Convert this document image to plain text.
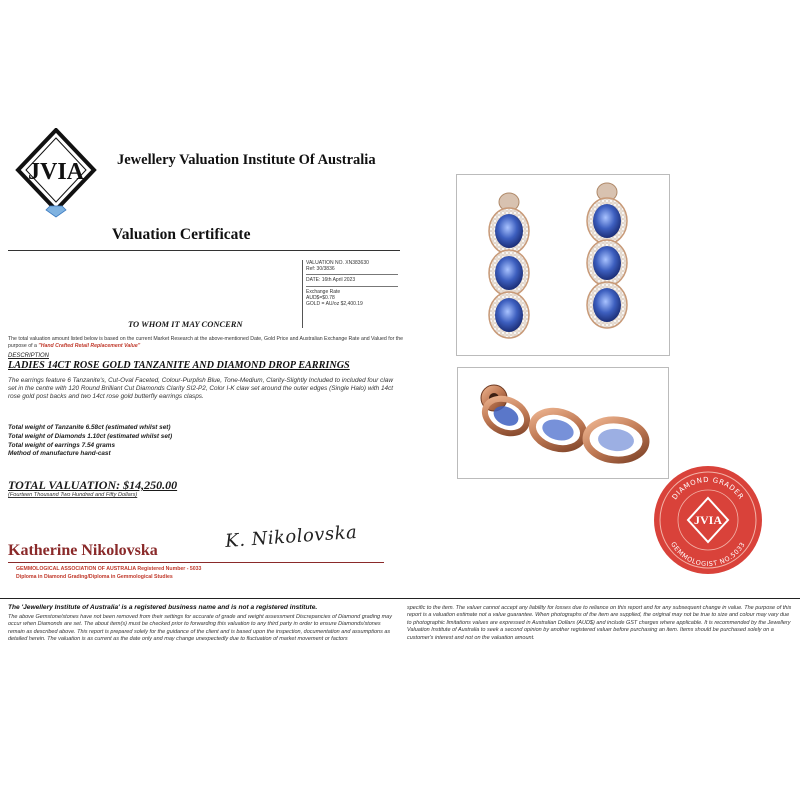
JVIA Jewellery Valuation Institute Of Australia
Valuation Certificate
VALUATION NO. XN383630
Ref: 30/3836
DATE: 16th April 2023
Exchange Rate
AUD$=$0.78
GOLD = AU/oz $2,400.19
TO WHOM IT MAY CONCERN
The total valuation amount listed below is based on the current Market Research at the above-mentioned Date, Gold Price and Australian Exchange Rate and Valued for the purpose of a "Hand Crafted Retail Replacement Value"
DESCRIPTION
LADIES 14CT ROSE GOLD TANZANITE AND DIAMOND DROP EARRINGS
The earrings feature 6 Tanzanite's, Cut-Oval Faceted, Colour-Purplish Blue, Tone-Medium, Clarity-Slightly Included to included four claw set in the centre with 120 Round Brilliant Cut Diamonds Clarity SI2-P2, Color I-K claw set around the outer edges (Single Halo) with 14ct rose gold post backs and two 14ct rose gold butterfly earrings clasps.
Total weight of Tanzanite 6.58ct (estimated whilst set)
Total weight of Diamonds 1.10ct (estimated whilst set)
Total weight of earrings 7.54 grams
Method of manufacture hand-cast
TOTAL VALUATION: $14,250.00
(Fourteen Thousand Two Hundred and Fifty Dollars)
Katherine Nikolovska	K. Nikolovska
GEMMOLOGICAL ASSOCIATION OF AUSTRALIA Registered Number - 5033
Diploma in Diamond Grading/Diploma in Gemmological Studies
DIAMOND GRADER
GEMMOLOGIST NO.5033
JVIA
The 'Jewellery Institute of Australia' is a registered business name and is not a registered institute.
The above Gemstone/stones have not been removed from their settings for accurate of grade and weight assessment Discrepancies of Diamond grading may occur when Diamonds are set. The about item(s) must be checked prior to forwarding this valuation to any third party in order to ensure Diamonds/stones remain as described above. This report is prepared solely for the guidance of the client and is based upon the inspection, documentation and assumptions as detailed herein. The valuation is as current as the date only and may change unexpectedly due to fluctuation of market movement or factors
specific to the item. The valuer cannot accept any liability for losses due to reliance on this report and for any subsequent change in value. The purpose of this report is a valuation estimate not a value guarantee. When photographs of the item are supplied, the original may not be true to size and colour may vary due to photographic limitations values are expressed in Australian Dollars (AUD$) and include GST charges where applicable. It is recommended by the Jewellery Valuation Institute of Australia to seek a second opinion by another registered valuer before purchasing an item. Items should be purchased solely on a customer's interest and not on the valuation amount.
